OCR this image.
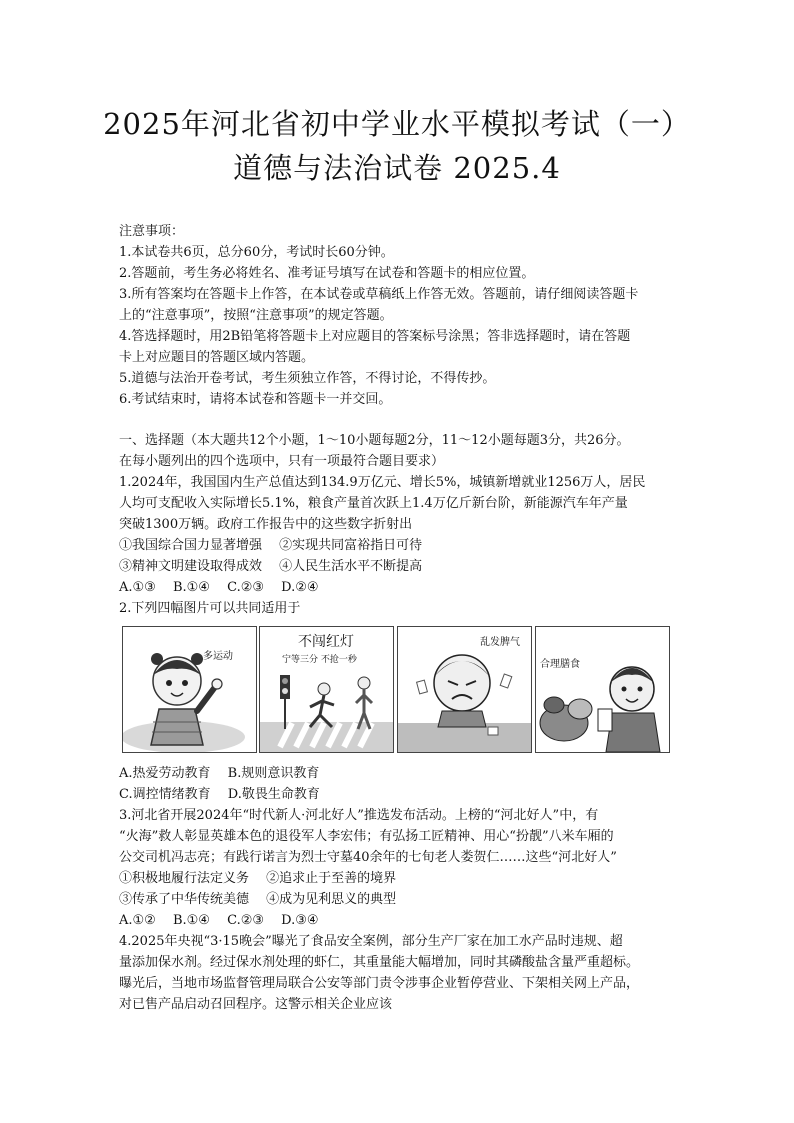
2025年河北省初中学业水平模拟考试（一）
道德与法治试卷 2025.4
注意事项：
1.本试卷共6页，总分60分，考试时长60分钟。
2.答题前，考生务必将姓名、准考证号填写在试卷和答题卡的相应位置。
3.所有答案均在答题卡上作答，在本试卷或草稿纸上作答无效。答题前，请仔细阅读答题卡
上的“注意事项”，按照“注意事项”的规定答题。
4.答选择题时，用2B铅笔将答题卡上对应题目的答案标号涂黑；答非选择题时，请在答题
卡上对应题目的答题区域内答题。
5.道德与法治开卷考试，考生须独立作答，不得讨论，不得传抄。
6.考试结束时，请将本试卷和答题卡一并交回。
一、选择题（本大题共12个小题，1～10小题每题2分，11～12小题每题3分，共26分。
在每小题列出的四个选项中，只有一项最符合题目要求）
1.2024年，我国国内生产总值达到134.9万亿元、增长5%，城镇新增就业1256万人，居民
人均可支配收入实际增长5.1%，粮食产量首次跃上1.4万亿斤新台阶，新能源汽车年产量
突破1300万辆。政府工作报告中的这些数字折射出
①我国综合国力显著增强　 ②实现共同富裕指日可待
③精神文明建设取得成效　 ④人民生活水平不断提高
A.①③　 B.①④　 C.②③　 D.②④
2.下列四幅图片可以共同适用于
多运动
不闯红灯
宁等三分 不抢一秒
乱发脾气
合理膳食
A.热爱劳动教育　 B.规则意识教育
C.调控情绪教育　 D.敬畏生命教育
3.河北省开展2024年“时代新人·河北好人”推选发布活动。上榜的“河北好人”中，有
“火海”救人彰显英雄本色的退役军人李宏伟；有弘扬工匠精神、用心“扮靓”八米车厢的
公交司机冯志亮；有践行诺言为烈士守墓40余年的七旬老人娄贺仁……这些“河北好人”
①积极地履行法定义务　 ②追求止于至善的境界
③传承了中华传统美德　 ④成为见利思义的典型
A.①②　 B.①④　 C.②③　 D.③④
4.2025年央视“3·15晚会”曝光了食品安全案例，部分生产厂家在加工水产品时违规、超
量添加保水剂。经过保水剂处理的虾仁，其重量能大幅增加，同时其磷酸盐含量严重超标。
曝光后，当地市场监督管理局联合公安等部门责令涉事企业暂停营业、下架相关网上产品，
对已售产品启动召回程序。这警示相关企业应该
